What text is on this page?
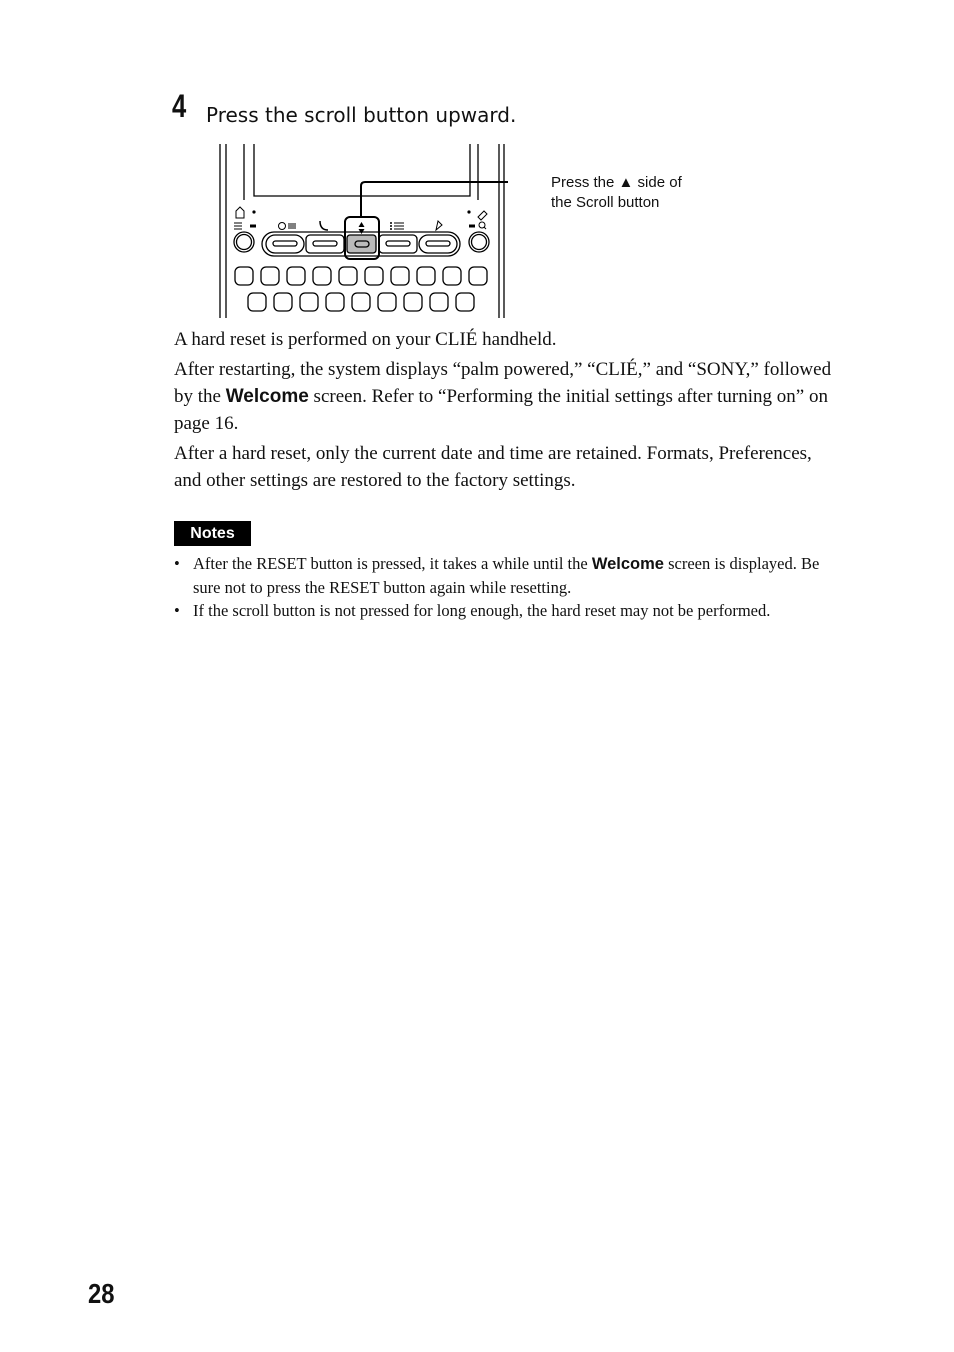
4 Press the scroll button upward.
Press the ▲ side of
the Scroll button
A hard reset is performed on your CLIÉ handheld.
After restarting, the system displays “palm powered,” “CLIÉ,” and “SONY,” followed by the Welcome screen. Refer to “Performing the initial settings after turning on” on page 16.
After a hard reset, only the current date and time are retained. Formats, Preferences, and other settings are restored to the factory settings.
Notes
• After the RESET button is pressed, it takes a while until the Welcome screen is displayed. Be sure not to press the RESET button again while resetting.
• If the scroll button is not pressed for long enough, the hard reset may not be performed.
28
